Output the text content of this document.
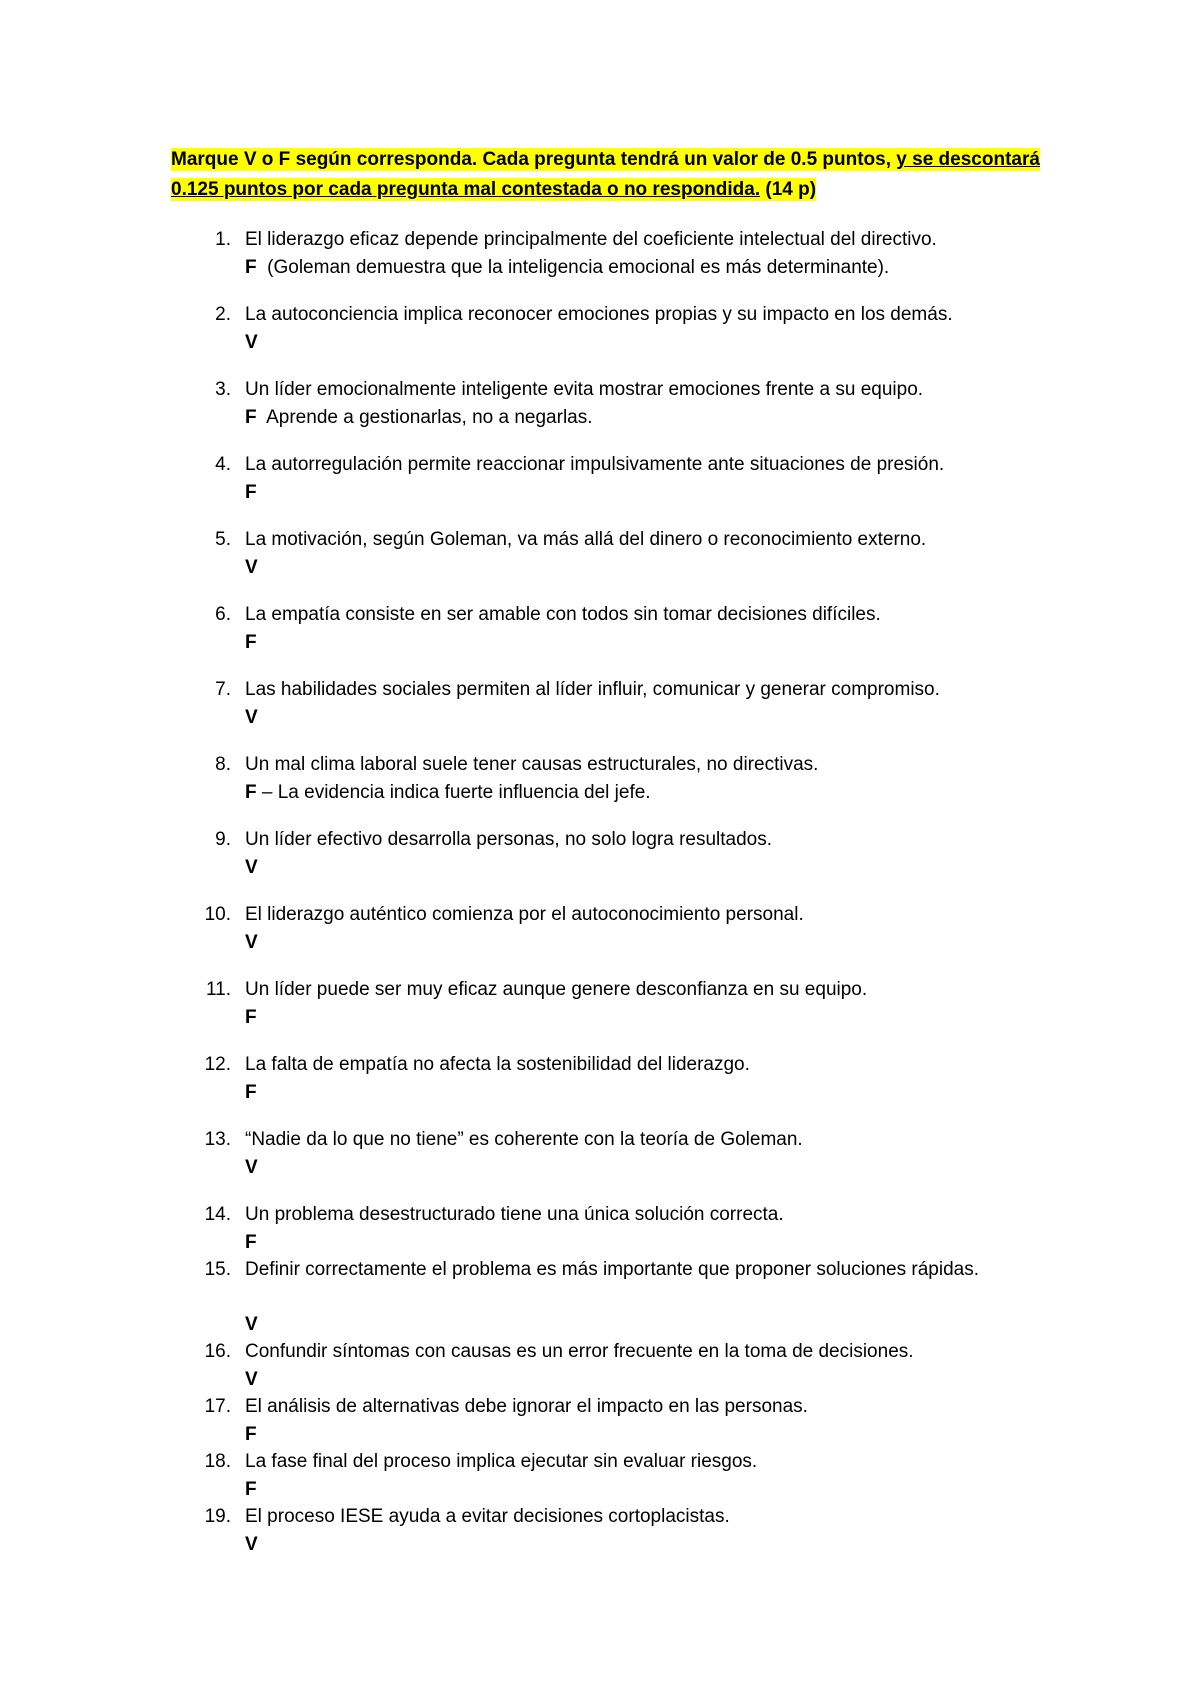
Marque V o F según corresponda. Cada pregunta tendrá un valor de 0.5 puntos, y se descontará 0.125 puntos por cada pregunta mal contestada o no respondida. (14 p)
1. El liderazgo eficaz depende principalmente del coeficiente intelectual del directivo.
F  (Goleman demuestra que la inteligencia emocional es más determinante).
2. La autoconciencia implica reconocer emociones propias y su impacto en los demás.
V
3. Un líder emocionalmente inteligente evita mostrar emociones frente a su equipo.
F  Aprende a gestionarlas, no a negarlas.
4. La autorregulación permite reaccionar impulsivamente ante situaciones de presión.
F
5. La motivación, según Goleman, va más allá del dinero o reconocimiento externo.
V
6. La empatía consiste en ser amable con todos sin tomar decisiones difíciles.
F
7. Las habilidades sociales permiten al líder influir, comunicar y generar compromiso.
V
8. Un mal clima laboral suele tener causas estructurales, no directivas.
F – La evidencia indica fuerte influencia del jefe.
9. Un líder efectivo desarrolla personas, no solo logra resultados.
V
10. El liderazgo auténtico comienza por el autoconocimiento personal.
V
11. Un líder puede ser muy eficaz aunque genere desconfianza en su equipo.
F
12. La falta de empatía no afecta la sostenibilidad del liderazgo.
F
13. “Nadie da lo que no tiene” es coherente con la teoría de Goleman.
V
14. Un problema desestructurado tiene una única solución correcta.
F
15. Definir correctamente el problema es más importante que proponer soluciones rápidas.
V
16. Confundir síntomas con causas es un error frecuente en la toma de decisiones.
V
17. El análisis de alternativas debe ignorar el impacto en las personas.
F
18. La fase final del proceso implica ejecutar sin evaluar riesgos.
F
19. El proceso IESE ayuda a evitar decisiones cortoplacistas.
V
